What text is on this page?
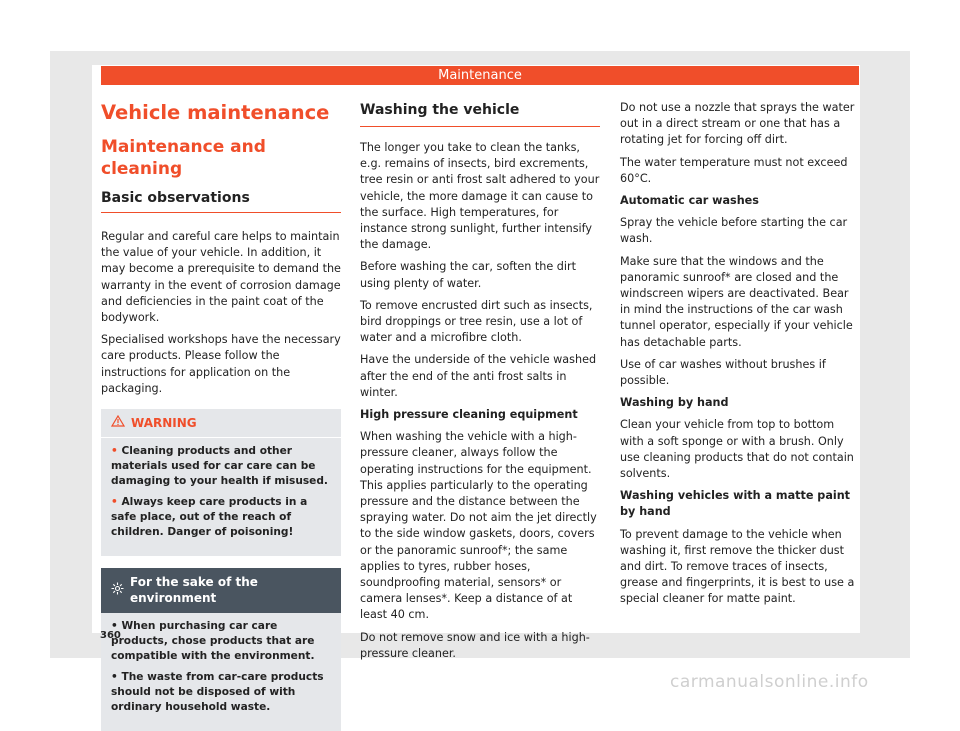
Maintenance
Vehicle maintenance
Maintenance and cleaning
Basic observations

Regular and careful care helps to maintain the value of your vehicle. In addition, it may become a prerequisite to demand the warranty in the event of corrosion damage and deficiencies in the paint coat of the bodywork.

Specialised workshops have the necessary care products. Please follow the instructions for application on the packaging.

WARNING

• Cleaning products and other materials used for car care can be damaging to your health if misused.

• Always keep care products in a safe place, out of the reach of children. Danger of poisoning!

For the sake of the environment

• When purchasing car care products, chose products that are compatible with the environment.

• The waste from car-care products should not be disposed of with ordinary household waste.

Washing the vehicle

The longer you take to clean the tanks, e.g. remains of insects, bird excrements, tree resin or anti frost salt adhered to your vehicle, the more damage it can cause to the surface. High temperatures, for instance strong sunlight, further intensify the damage.

Before washing the car, soften the dirt using plenty of water.

To remove encrusted dirt such as insects, bird droppings or tree resin, use a lot of water and a microfibre cloth.

Have the underside of the vehicle washed after the end of the anti frost salts in winter.

High pressure cleaning equipment

When washing the vehicle with a high-pressure cleaner, always follow the operating instructions for the equipment. This applies particularly to the operating pressure and the distance between the spraying water. Do not aim the jet directly to the side window gaskets, doors, covers or the panoramic sunroof*; the same applies to tyres, rubber hoses, soundproofing material, sensors* or camera lenses*. Keep a distance of at least 40 cm.

Do not remove snow and ice with a high-pressure cleaner.

Do not use a nozzle that sprays the water out in a direct stream or one that has a rotating jet for forcing off dirt.

The water temperature must not exceed 60°C.

Automatic car washes

Spray the vehicle before starting the car wash.

Make sure that the windows and the panoramic sunroof* are closed and the windscreen wipers are deactivated. Bear in mind the instructions of the car wash tunnel operator, especially if your vehicle has detachable parts.

Use of car washes without brushes if possible.

Washing by hand

Clean your vehicle from top to bottom with a soft sponge or with a brush. Only use cleaning products that do not contain solvents.

Washing vehicles with a matte paint by hand

To prevent damage to the vehicle when washing it, first remove the thicker dust and dirt. To remove traces of insects, grease and fingerprints, it is best to use a special cleaner for matte paint.

360
carmanualsonline.info
